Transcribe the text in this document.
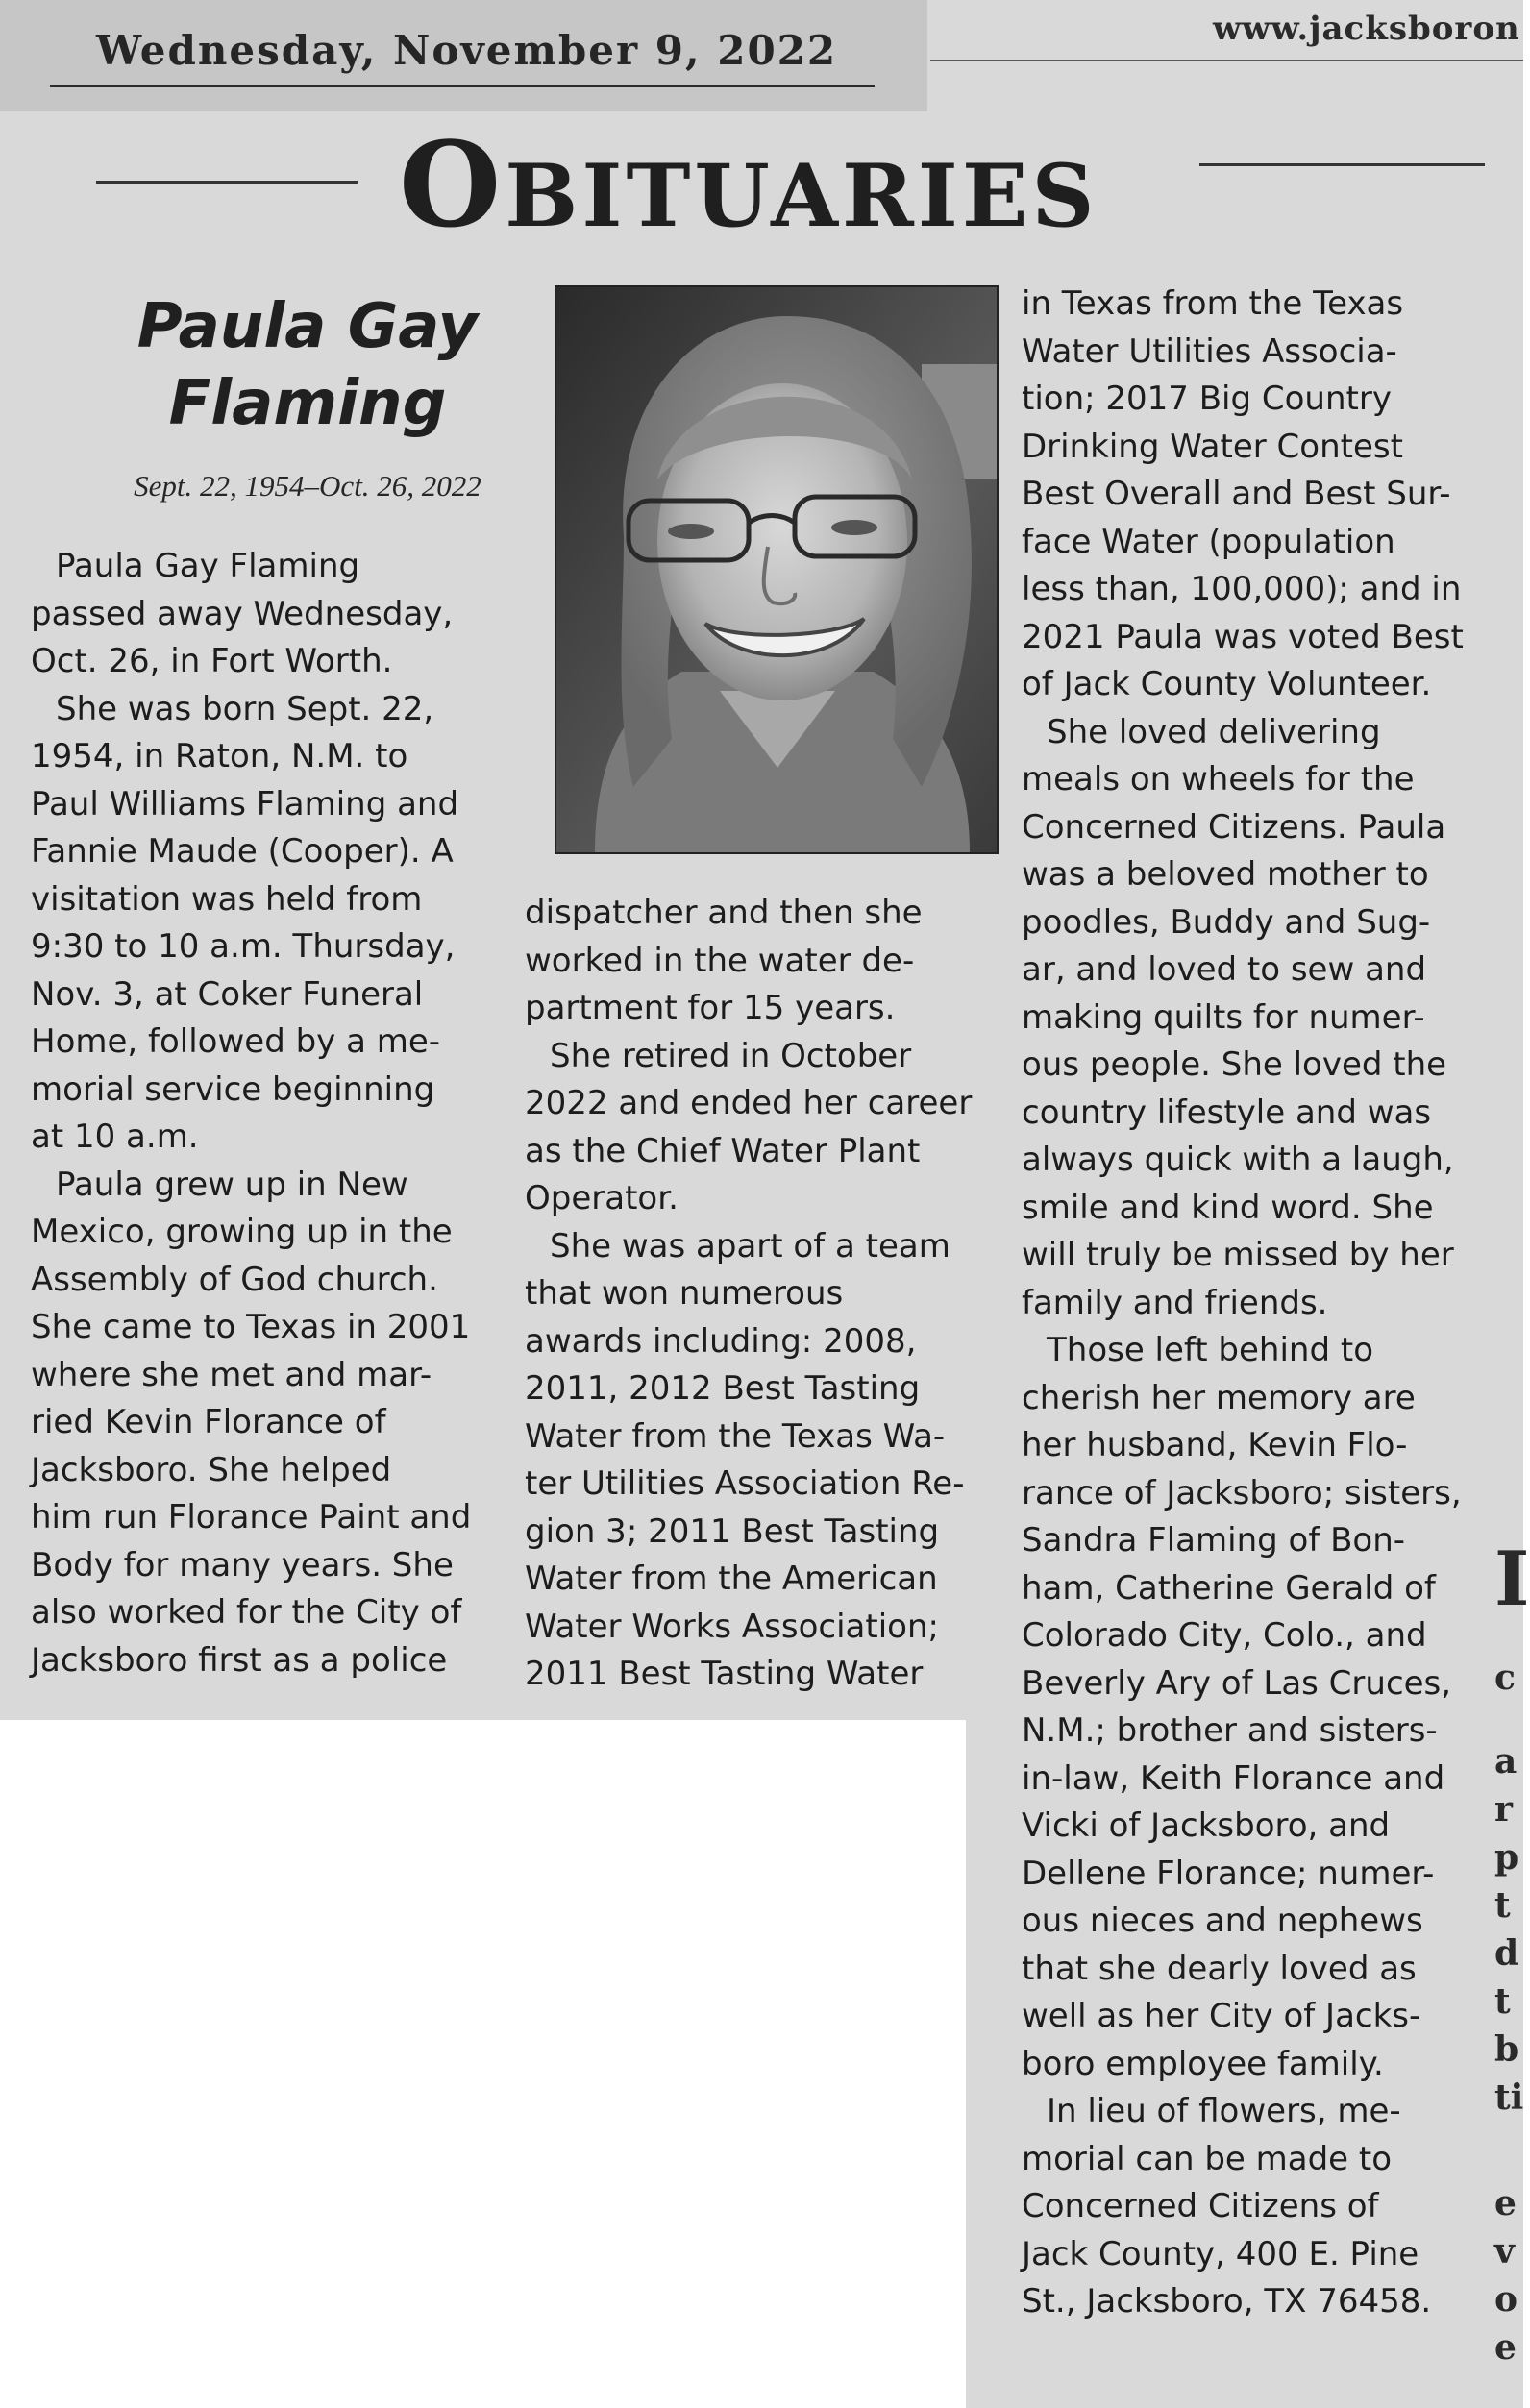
Wednesday, November 9, 2022	www.jacksboron
OBITUARIES
Paula Gay
Flaming
Sept. 22, 1954–Oct. 26, 2022

Paula Gay Flaming
passed away Wednesday,
Oct. 26, in Fort Worth.

She was born Sept. 22,
1954, in Raton, N.M. to
Paul Williams Flaming and
Fannie Maude (Cooper). A
visitation was held from
9:30 to 10 a.m. Thursday,
Nov. 3, at Coker Funeral
Home, followed by a me-
morial service beginning
at 10 a.m.

Paula grew up in New
Mexico, growing up in the
Assembly of God church.
She came to Texas in 2001
where she met and mar-
ried Kevin Florance of
Jacksboro. She helped
him run Florance Paint and
Body for many years. She
also worked for the City of
Jacksboro first as a police

dispatcher and then she
worked in the water de-
partment for 15 years.

She retired in October
2022 and ended her career
as the Chief Water Plant
Operator.

She was apart of a team
that won numerous
awards including: 2008,
2011, 2012 Best Tasting
Water from the Texas Wa-
ter Utilities Association Re-
gion 3; 2011 Best Tasting
Water from the American
Water Works Association;
2011 Best Tasting Water

in Texas from the Texas
Water Utilities Associa-
tion; 2017 Big Country
Drinking Water Contest
Best Overall and Best Sur-
face Water (population
less than, 100,000); and in
2021 Paula was voted Best
of Jack County Volunteer.

She loved delivering
meals on wheels for the
Concerned Citizens. Paula
was a beloved mother to
poodles, Buddy and Sug-
ar, and loved to sew and
making quilts for numer-
ous people. She loved the
country lifestyle and was
always quick with a laugh,
smile and kind word. She
will truly be missed by her
family and friends.

Those left behind to
cherish her memory are
her husband, Kevin Flo-
rance of Jacksboro; sisters,
Sandra Flaming of Bon-
ham, Catherine Gerald of
Colorado City, Colo., and
Beverly Ary of Las Cruces,
N.M.; brother and sisters-
in-law, Keith Florance and
Vicki of Jacksboro, and
Dellene Florance; numer-
ous nieces and nephews
that she dearly loved as
well as her City of Jacks-
boro employee family.

In lieu of flowers, me-
morial can be made to
Concerned Citizens of
Jack County, 400 E. Pine
St., Jacksboro, TX 76458.

I
c
a
r
p
t
d
t
b
ti
e
v
o
e
